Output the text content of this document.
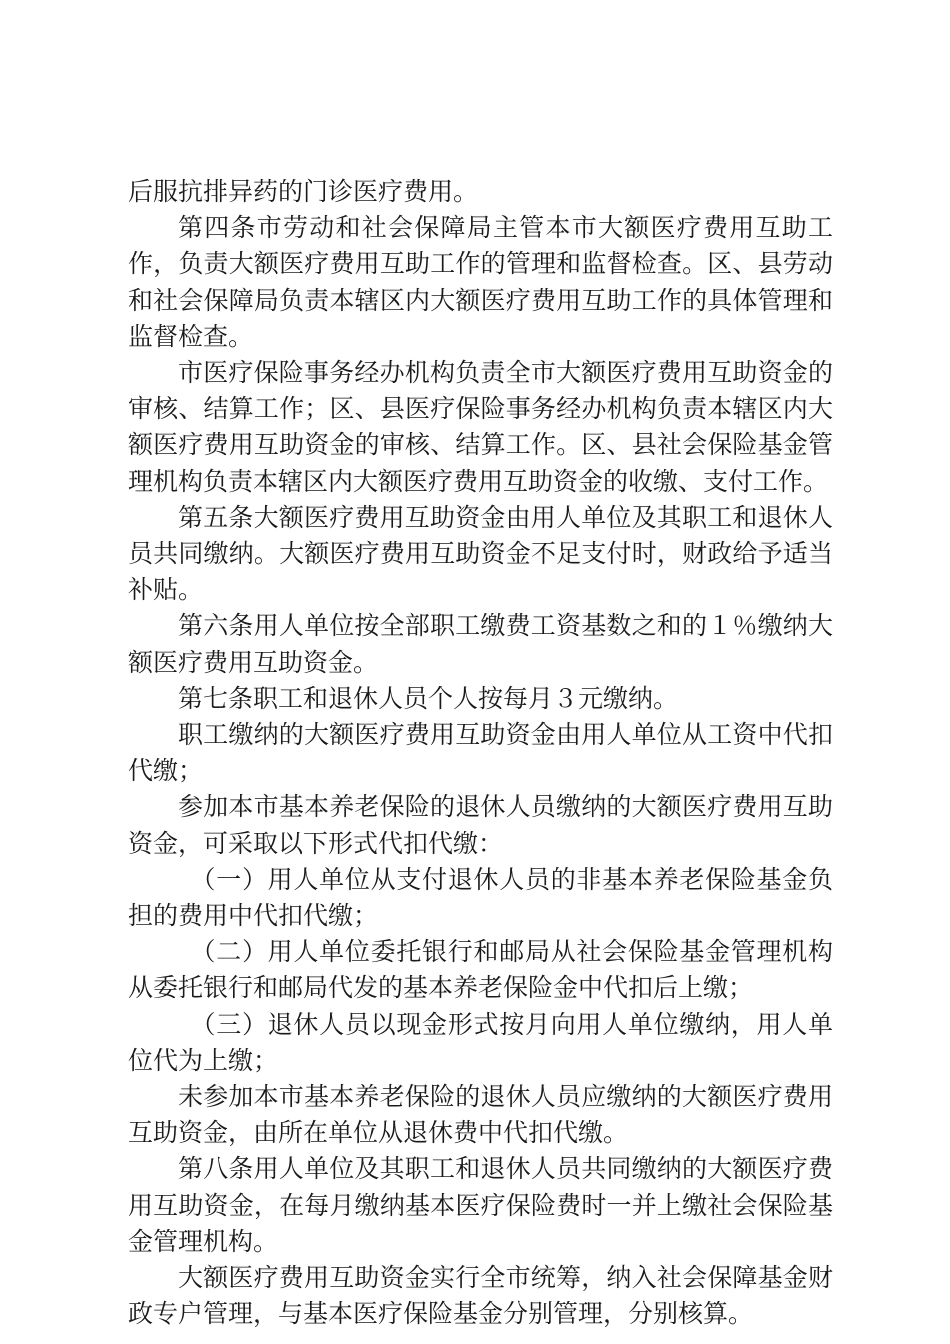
后服抗排异药的门诊医疗费用。

第四条市劳动和社会保障局主管本市大额医疗费用互助工作，负责大额医疗费用互助工作的管理和监督检查。区、县劳动和社会保障局负责本辖区内大额医疗费用互助工作的具体管理和监督检查。

市医疗保险事务经办机构负责全市大额医疗费用互助资金的审核、结算工作；区、县医疗保险事务经办机构负责本辖区内大额医疗费用互助资金的审核、结算工作。区、县社会保险基金管理机构负责本辖区内大额医疗费用互助资金的收缴、支付工作。

第五条大额医疗费用互助资金由用人单位及其职工和退休人员共同缴纳。大额医疗费用互助资金不足支付时，财政给予适当补贴。

第六条用人单位按全部职工缴费工资基数之和的１％缴纳大额医疗费用互助资金。

第七条职工和退休人员个人按每月３元缴纳。

职工缴纳的大额医疗费用互助资金由用人单位从工资中代扣代缴；

参加本市基本养老保险的退休人员缴纳的大额医疗费用互助资金，可采取以下形式代扣代缴：

（一）用人单位从支付退休人员的非基本养老保险基金负担的费用中代扣代缴；

（二）用人单位委托银行和邮局从社会保险基金管理机构从委托银行和邮局代发的基本养老保险金中代扣后上缴；

（三）退休人员以现金形式按月向用人单位缴纳，用人单位代为上缴；

未参加本市基本养老保险的退休人员应缴纳的大额医疗费用互助资金，由所在单位从退休费中代扣代缴。

第八条用人单位及其职工和退休人员共同缴纳的大额医疗费用互助资金，在每月缴纳基本医疗保险费时一并上缴社会保险基金管理机构。

大额医疗费用互助资金实行全市统筹，纳入社会保障基金财政专户管理，与基本医疗保险基金分别管理，分别核算。
